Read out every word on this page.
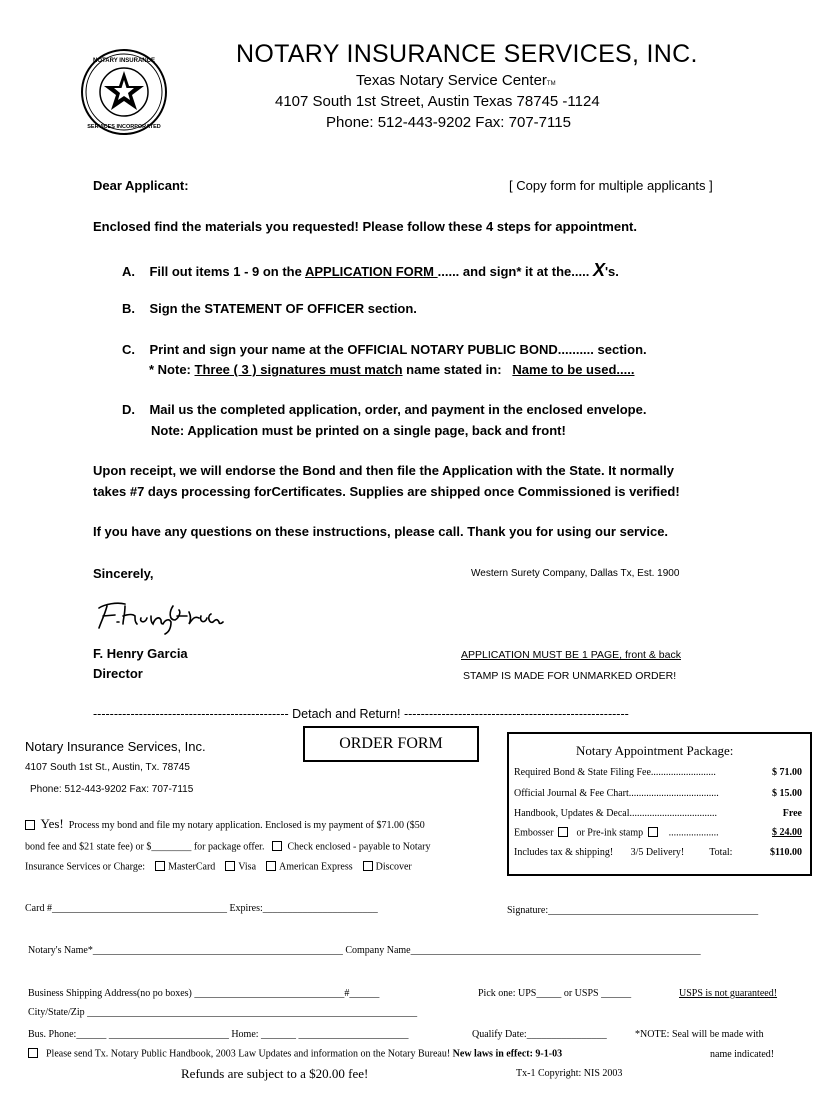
NOTARY INSURANCE
SERVICES INCORPORATED
NOTARY INSURANCE SERVICES, INC.
Texas Notary Service CenterTM
4107 South 1st Street, Austin Texas 78745 -1124
Phone: 512-443-9202 Fax: 707-7115
Dear Applicant:	[ Copy form for multiple applicants ]
Enclosed find the materials you requested! Please follow these 4 steps for appointment.
A. Fill out items 1 - 9 on the APPLICATION FORM ...... and sign* it at the..... X's.
B. Sign the STATEMENT OF OFFICER section.
C. Print and sign your name at the OFFICIAL NOTARY PUBLIC BOND.......... section.
* Note: Three ( 3 ) signatures must match name stated in:   Name to be used.....
D. Mail us the completed application, order, and payment in the enclosed envelope.
Note: Application must be printed on a single page, back and front!
Upon receipt, we will endorse the Bond and then file the Application with the State. It normally
takes #7 days processing forCertificates. Supplies are shipped once Commissioned is verified!
If you have any questions on these instructions, please call. Thank you for using our service.
Sincerely,	Western Surety Company, Dallas Tx, Est. 1900
F. Henry Garcia
Director
APPLICATION MUST BE 1 PAGE, front & back
STAMP IS MADE FOR UNMARKED ORDER!
----------------------------------------------- Detach and Return! ------------------------------------------------------
Notary Insurance Services, Inc.
4107 South 1st St., Austin, Tx. 78745
Phone: 512-443-9202 Fax: 707-7115
ORDER FORM
Yes! Process my bond and file my notary application. Enclosed is my payment of $71.00 ($50
bond fee and $21 state fee) or $________ for package offer. Check enclosed - payable to Notary
Insurance Services or Charge: MasterCard Visa American Express Discover
Notary Appointment Package:
Required Bond & State Filing Fee..........................	$ 71.00
Official Journal & Fee Chart....................................	$ 15.00
Handbook, Updates & Decal...................................	Free
Embosser or Pre-ink stamp	....................	$ 24.00
Includes tax & shipping! 3/5 Delivery!	Total:	$110.00
Card #___________________________________ Expires:_______________________	Signature:__________________________________________
Notary's Name*__________________________________________________ Company Name__________________________________________________________
Business Shipping Address(no po boxes) ______________________________#______	Pick one: UPS_____ or USPS ______	USPS is not guaranteed!
City/State/Zip __________________________________________________________________
Bus. Phone:______ ________________________ Home: _______ ______________________	Qualify Date:________________	*NOTE: Seal will be made with
Please send Tx. Notary Public Handbook, 2003 Law Updates and information on the Notary Bureau! New laws in effect: 9-1-03	name indicated!
Refunds are subject to a $20.00 fee!	Tx-1 Copyright: NIS 2003
